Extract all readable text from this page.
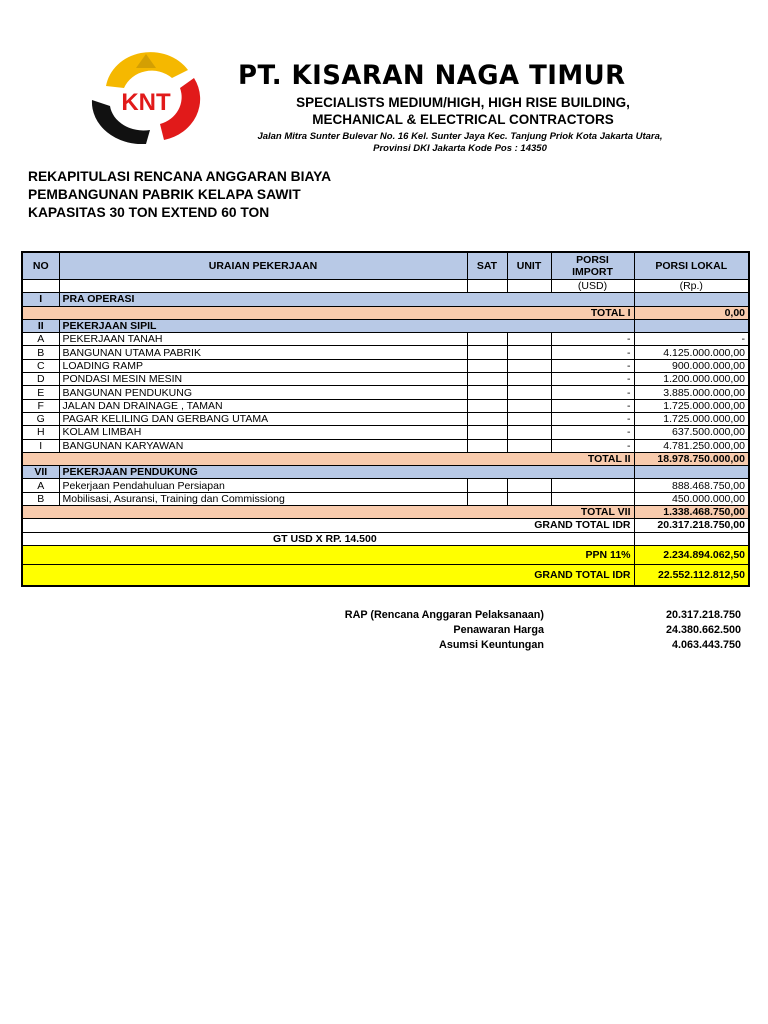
KNT
PT. KISARAN NAGA TIMUR
SPECIALISTS MEDIUM/HIGH, HIGH RISE BUILDING,
MECHANICAL & ELECTRICAL CONTRACTORS
Jalan Mitra Sunter Bulevar No. 16 Kel. Sunter Jaya Kec. Tanjung Priok Kota Jakarta Utara,
Provinsi DKI Jakarta Kode Pos : 14350
REKAPITULASI RENCANA ANGGARAN BIAYA
PEMBANGUNAN PABRIK KELAPA SAWIT
KAPASITAS 30 TON EXTEND 60 TON
NO	URAIAN PEKERJAAN	SAT	UNIT	PORSI IMPORT	PORSI LOKAL
				(USD)	(Rp.)
I	PRA OPERASI				
TOTAL I					0,00
II	PEKERJAAN SIPIL				
A	PEKERJAAN TANAH			-	-
B	BANGUNAN UTAMA PABRIK			-	4.125.000.000,00
C	LOADING RAMP			-	900.000.000,00
D	PONDASI MESIN MESIN			-	1.200.000.000,00
E	BANGUNAN PENDUKUNG			-	3.885.000.000,00
F	JALAN DAN DRAINAGE , TAMAN			-	1.725.000.000,00
G	PAGAR KELILING DAN GERBANG UTAMA			-	1.725.000.000,00
H	KOLAM LIMBAH			-	637.500.000,00
I	BANGUNAN KARYAWAN			-	4.781.250.000,00
TOTAL II					18.978.750.000,00
VII	PEKERJAAN PENDUKUNG				
A	Pekerjaan Pendahuluan Persiapan				888.468.750,00
B	Mobilisasi, Asuransi, Training dan Commissiong				450.000.000,00
TOTAL VII					1.338.468.750,00
GRAND TOTAL IDR					20.317.218.750,00
GT USD X RP. 14.500					
PPN 11%					2.234.894.062,50
GRAND TOTAL IDR					22.552.112.812,50
RAP (Rencana Anggaran Pelaksanaan)	20.317.218.750
Penawaran Harga	24.380.662.500
Asumsi Keuntungan	4.063.443.750
